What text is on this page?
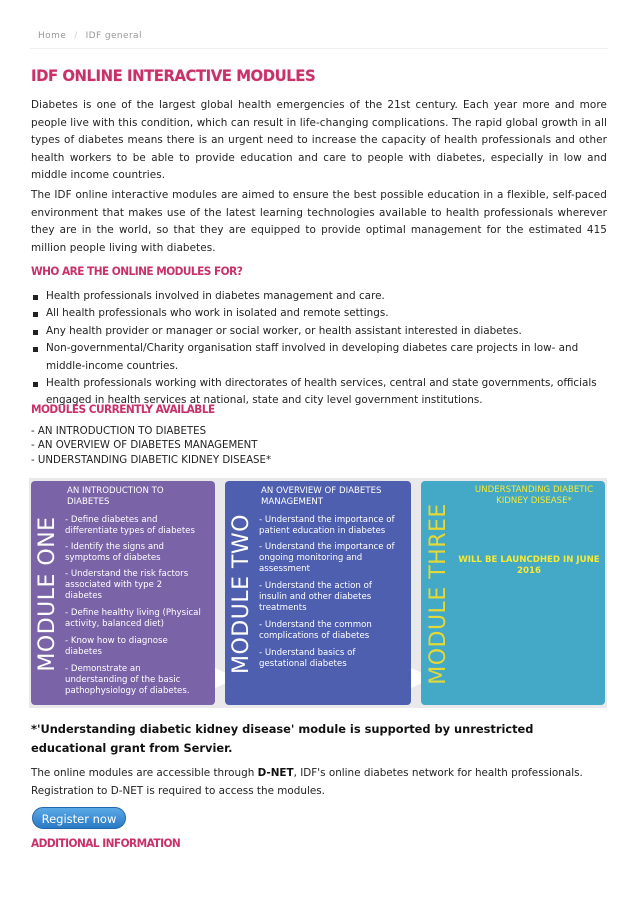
Home / IDF general
IDF ONLINE INTERACTIVE MODULES

Diabetes is one of the largest global health emergencies of the 21st century. Each year more and more people live with this condition, which can result in life-changing complications. The rapid global growth in all types of diabetes means there is an urgent need to increase the capacity of health professionals and other health workers to be able to provide education and care to people with diabetes, especially in low and middle income countries.

The IDF online interactive modules are aimed to ensure the best possible education in a flexible, self-paced environment that makes use of the latest learning technologies available to health professionals wherever they are in the world, so that they are equipped to provide optimal management for the estimated 415 million people living with diabetes.

WHO ARE THE ONLINE MODULES FOR?
Health professionals involved in diabetes management and care.
All health professionals who work in isolated and remote settings.
Any health provider or manager or social worker, or health assistant interested in diabetes.
Non-governmental/Charity organisation staff involved in developing diabetes care projects in low- and middle-income countries.
Health professionals working with directorates of health services, central and state governments, officials engaged in health services at national, state and city level government institutions.
MODULES CURRENTLY AVAILABLE
- AN INTRODUCTION TO DIABETES
- AN OVERVIEW OF DIABETES MANAGEMENT
- UNDERSTANDING DIABETIC KIDNEY DISEASE*
MODULE ONE
AN INTRODUCTION TO
DIABETES
- Define diabetes and
differentiate types of diabetes
- Identify the signs and
symptoms of diabetes
- Understand the risk factors
associated with type 2
diabetes
- Define healthy living (Physical
activity, balanced diet)
- Know how to diagnose
diabetes
- Demonstrate an
understanding of the basic
pathophysiology of diabetes.
MODULE TWO
AN OVERVIEW OF DIABETES
MANAGEMENT
- Understand the importance of
patient education in diabetes
- Understand the importance of
ongoing monitoring and
assessment
- Understand the action of
insulin and other diabetes
treatments
- Understand the common
complications of diabetes
- Understand basics of
gestational diabetes	MODULE THREE
UNDERSTANDING DIABETIC
KIDNEY DISEASE*
WILL BE LAUNCDHED IN JUNE
2016

*'Understanding diabetic kidney disease' module is supported by unrestricted educational grant from Servier.

The online modules are accessible through D-NET, IDF's online diabetes network for health professionals. Registration to D-NET is required to access the modules.

Register now
ADDITIONAL INFORMATION
